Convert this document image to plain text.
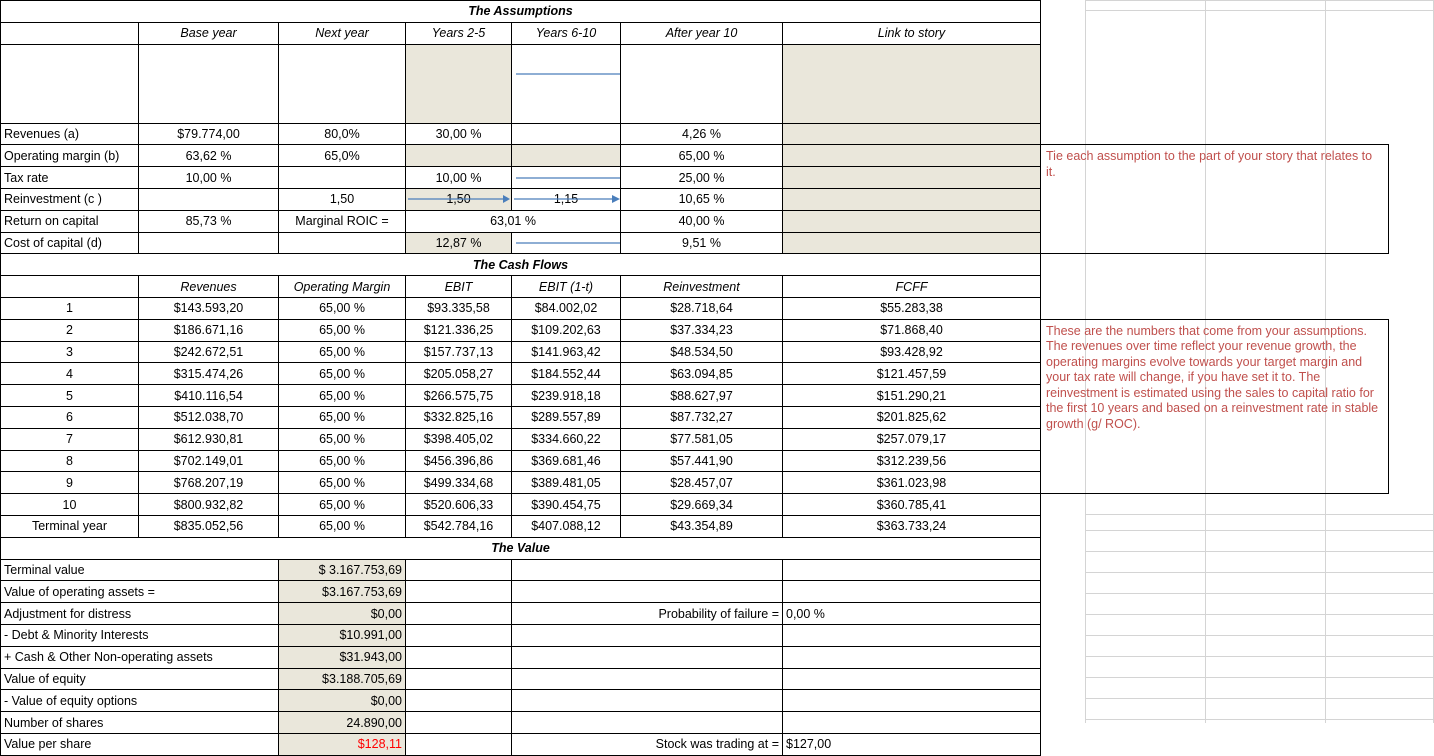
The Assumptions							
	Base year	Next year	Years 2-5	Years 6-10	After year 10	Link to story	

Revenues (a)	$79.774,00	80,0%	30,00 %		4,26 %		
Operating margin (b)	63,62 %	65,0%			65,00 %		Tie each assumption to the part of your story that relates to it.
Tax rate	10,00 %		10,00 %		25,00 %		
Reinvestment (c )		1,50	1,50	1,15	10,65 %		
Return on capital	85,73 %	Marginal ROIC =	63,01 %		40,00 %		
Cost of capital (d)			12,87 %		9,51 %		
The Cash Flows							
	Revenues	Operating Margin	EBIT	EBIT (1-t)	Reinvestment	FCFF	
1	$143.593,20	65,00 %	$93.335,58	$84.002,02	$28.718,64	$55.283,38	
2	$186.671,16	65,00 %	$121.336,25	$109.202,63	$37.334,23	$71.868,40	These are the numbers that come from your assumptions. The revenues over time reflect your revenue growth, the operating margins evolve towards your target margin and your tax rate will change, if you have set it to. The reinvestment is estimated using the sales to capital ratio for the first 10 years and based on a reinvestment rate in stable growth (g/ ROC).
3	$242.672,51	65,00 %	$157.737,13	$141.963,42	$48.534,50	$93.428,92	
4	$315.474,26	65,00 %	$205.058,27	$184.552,44	$63.094,85	$121.457,59	
5	$410.116,54	65,00 %	$266.575,75	$239.918,18	$88.627,97	$151.290,21	
6	$512.038,70	65,00 %	$332.825,16	$289.557,89	$87.732,27	$201.825,62	
7	$612.930,81	65,00 %	$398.405,02	$334.660,22	$77.581,05	$257.079,17	
8	$702.149,01	65,00 %	$456.396,86	$369.681,46	$57.441,90	$312.239,56	
9	$768.207,19	65,00 %	$499.334,68	$389.481,05	$28.457,07	$361.023,98	
10	$800.932,82	65,00 %	$520.606,33	$390.454,75	$29.669,34	$360.785,41	
Terminal year	$835.052,56	65,00 %	$542.784,16	$407.088,12	$43.354,89	$363.733,24	
The Value							
Terminal value		$ 3.167.753,69					
Value of operating assets =		$3.167.753,69					
Adjustment for distress		$0,00		Probability of failure =		0,00 %	
- Debt & Minority Interests		$10.991,00					
+ Cash & Other Non-operating assets		$31.943,00					
Value of equity		$3.188.705,69					
- Value of equity options		$0,00					
Number of shares		24.890,00					
Value per share		$128,11		Stock was trading at =		$127,00	
